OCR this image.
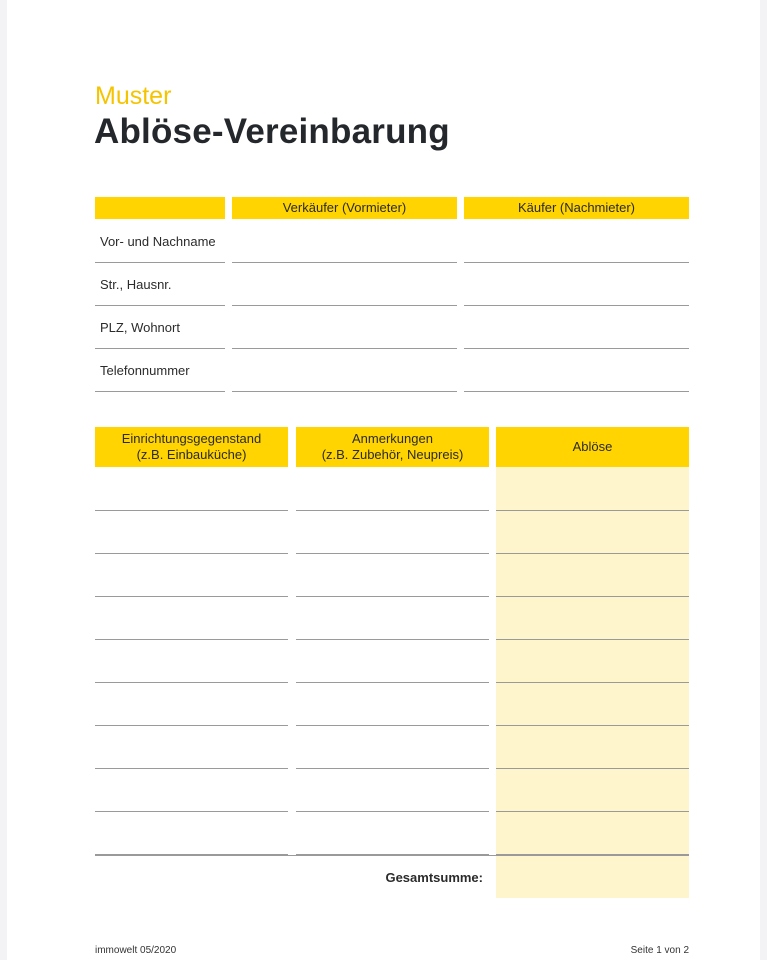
Muster
Ablöse-Vereinbarung
Verkäufer (Vormieter)	Käufer (Nachmieter)
Vor- und Nachname
Str., Hausnr.
PLZ, Wohnort
Telefonnummer
Einrichtungsgegenstand
(z.B. Einbauküche)
Anmerkungen
(z.B. Zubehör, Neupreis)
Ablöse
Gesamtsumme:
immowelt 05/2020	Seite 1 von 2
